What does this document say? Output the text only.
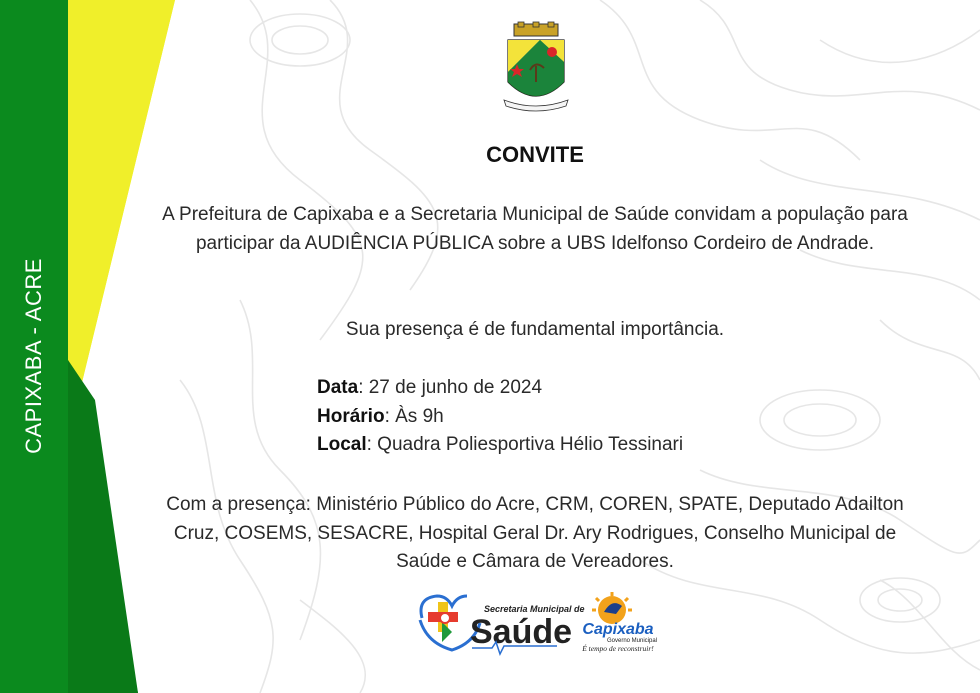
CAPIXABA - ACRE
CONVITE
A Prefeitura de Capixaba e a Secretaria Municipal de Saúde convidam a população para participar da AUDIÊNCIA PÚBLICA sobre a UBS Idelfonso Cordeiro de Andrade.
Sua presença é de fundamental importância.
Data: 27 de junho de 2024
Horário: Às 9h
Local: Quadra Poliesportiva Hélio Tessinari
Com a presença: Ministério Público do Acre, CRM, COREN, SPATE, Deputado Adailton Cruz, COSEMS, SESACRE, Hospital Geral Dr. Ary Rodrigues, Conselho Municipal de Saúde e Câmara de Vereadores.
Secretaria Municipal de
Saúde Capixaba
Governo Municipal
É tempo de reconstruir!
